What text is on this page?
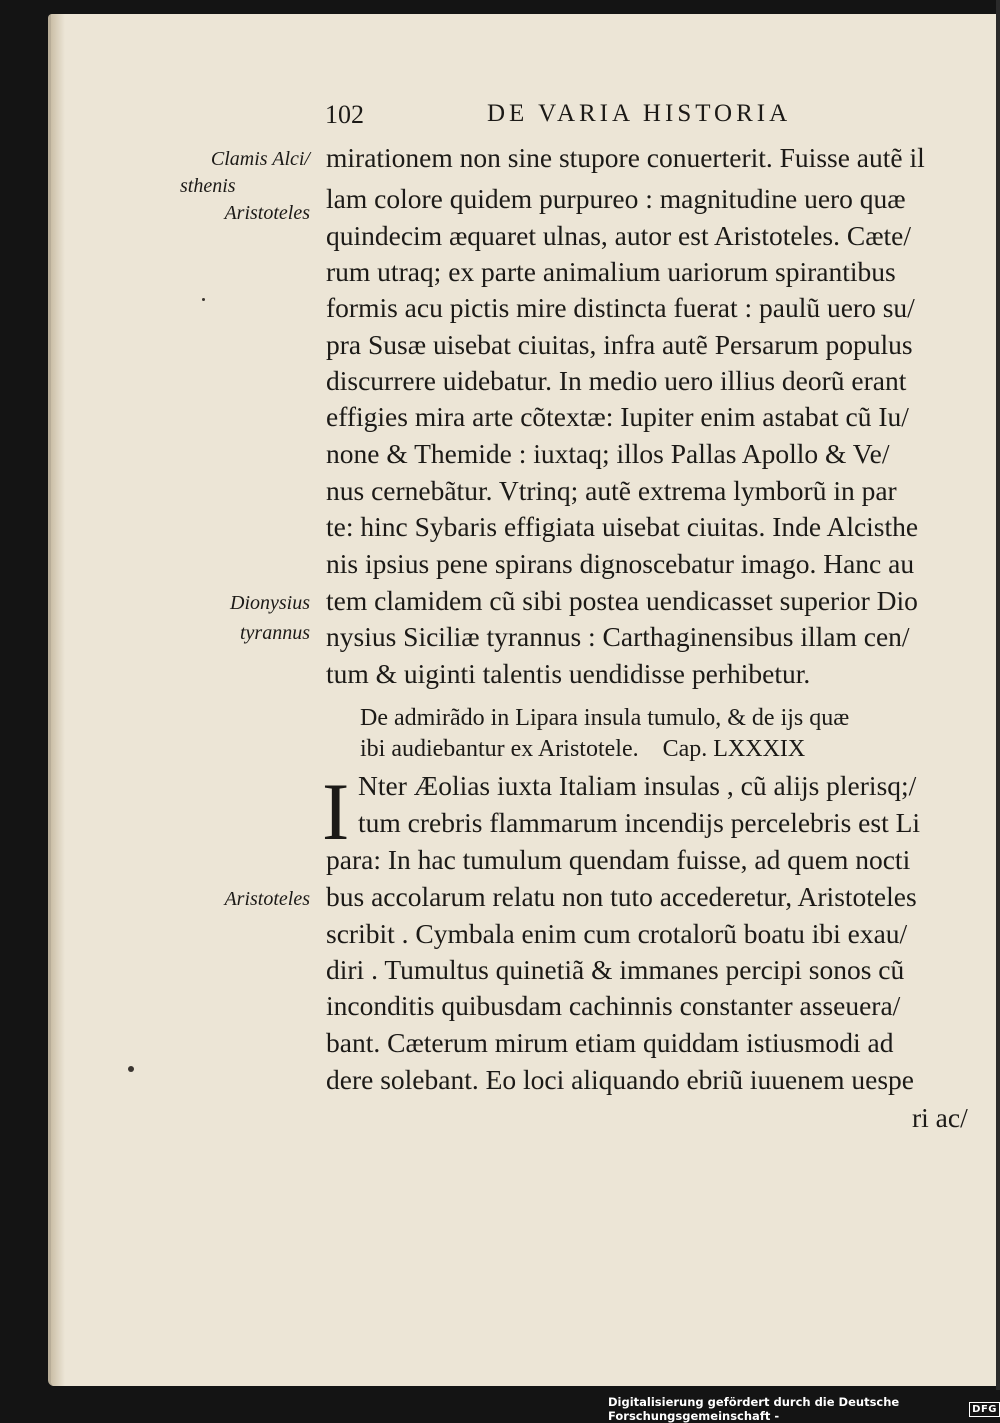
102	DE VARIA HISTORIA
Clamis Alci/
sthenis
Aristoteles
Dionysius
tyrannus
Aristoteles
mirationem non sine stupore conuerterit. Fuisse autẽ il
lam colore quidem purpureo : magnitudine uero quæ
quindecim æquaret ulnas, autor est Aristoteles. Cæte/
rum utraq; ex parte animalium uariorum spirantibus
formis acu pictis mire distincta fuerat : paulũ uero su/
pra Susæ uisebat ciuitas, infra autẽ Persarum populus
discurrere uidebatur. In medio uero illius deorũ erant
effigies mira arte cõtextæ: Iupiter enim astabat cũ Iu/
none & Themide : iuxtaq; illos Pallas Apollo & Ve/
nus cernebãtur. Vtrinq; autẽ extrema lymborũ in par
te: hinc Sybaris effigiata uisebat ciuitas. Inde Alcisthe
nis ipsius pene spirans dignoscebatur imago. Hanc au
tem clamidem cũ sibi postea uendicasset superior Dio
nysius Siciliæ tyrannus : Carthaginensibus illam cen/
tum & uiginti talentis uendidisse perhibetur.
De admirãdo in Lipara insula tumulo, & de ijs quæ
ibi audiebantur ex Aristotele.    Cap. LXXXIX
I Nter Æolias iuxta Italiam insulas , cũ alijs plerisq;/
tum crebris flammarum incendijs percelebris est Li
para: In hac tumulum quendam fuisse, ad quem nocti
bus accolarum relatu non tuto accederetur, Aristoteles
scribit . Cymbala enim cum crotalorũ boatu ibi exau/
diri . Tumultus quinetiã & immanes percipi sonos cũ
inconditis quibusdam cachinnis constanter asseuera/
bant. Cæterum mirum etiam quiddam istiusmodi ad
dere solebant. Eo loci aliquando ebriũ iuuenem uespe
ri ac/
Digitalisierung gefördert durch die Deutsche Forschungsgemeinschaft -	DFG
